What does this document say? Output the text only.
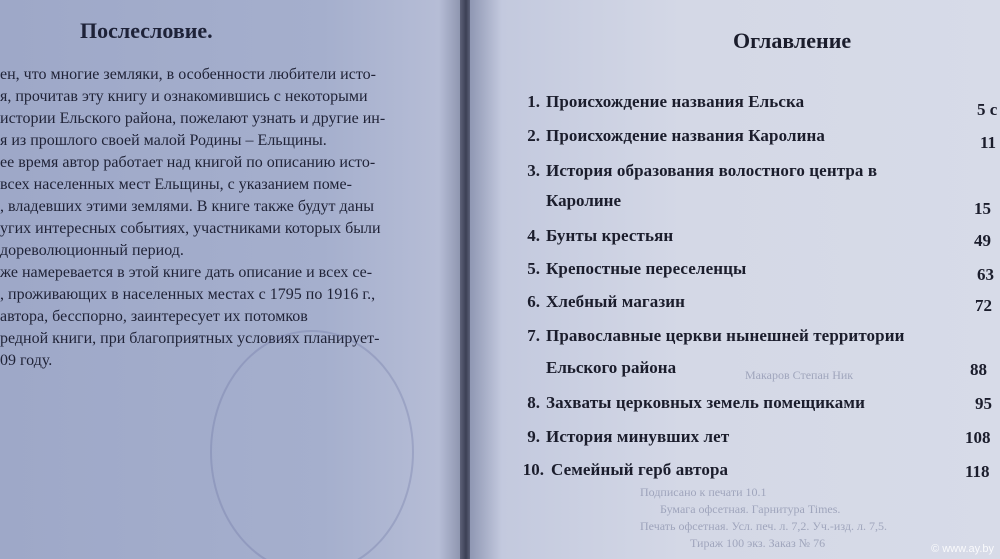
Послесловие.
ен, что многие земляки, в особенности любители исто-
я, прочитав эту книгу и ознакомившись с некоторыми
истории Ельского района, пожелают узнать и другие ин-
я из прошлого своей малой Родины – Ельщины.
ее время автор работает над книгой по описанию исто-
всех населенных мест Ельщины, с указанием поме-
, владевших этими землями. В книге также будут даны
угих интересных событиях, участниками которых были
дореволюционный период.
же намеревается в этой книге дать описание и всех се-
, проживающих в населенных местах с 1795 по 1916 г.,
автора, бесспорно, заинтересует их потомков
редной книги, при благоприятных условиях планирует-
09 году.
Оглавление
Макаров Степан Ник
Подписано к печати 10.1
Бумага офсетная. Гарнитура Times.
Печать офсетная. Усл. печ. л. 7,2. Уч.-изд. л. 7,5.
Тираж 100 экз. Заказ № 76
1. Происхождение названия Ельска	5 с
2. Происхождение названия Каролина	11
3. История образования волостного центра в
Каролине	15
4. Бунты крестьян	49
5. Крепостные переселенцы	63
6. Хлебный магазин	72
7. Православные церкви нынешней территории
Ельского района	88
8. Захваты церковных земель помещиками	95
9. История минувших лет	108
10. Семейный герб автора	118
© www.ay.by
